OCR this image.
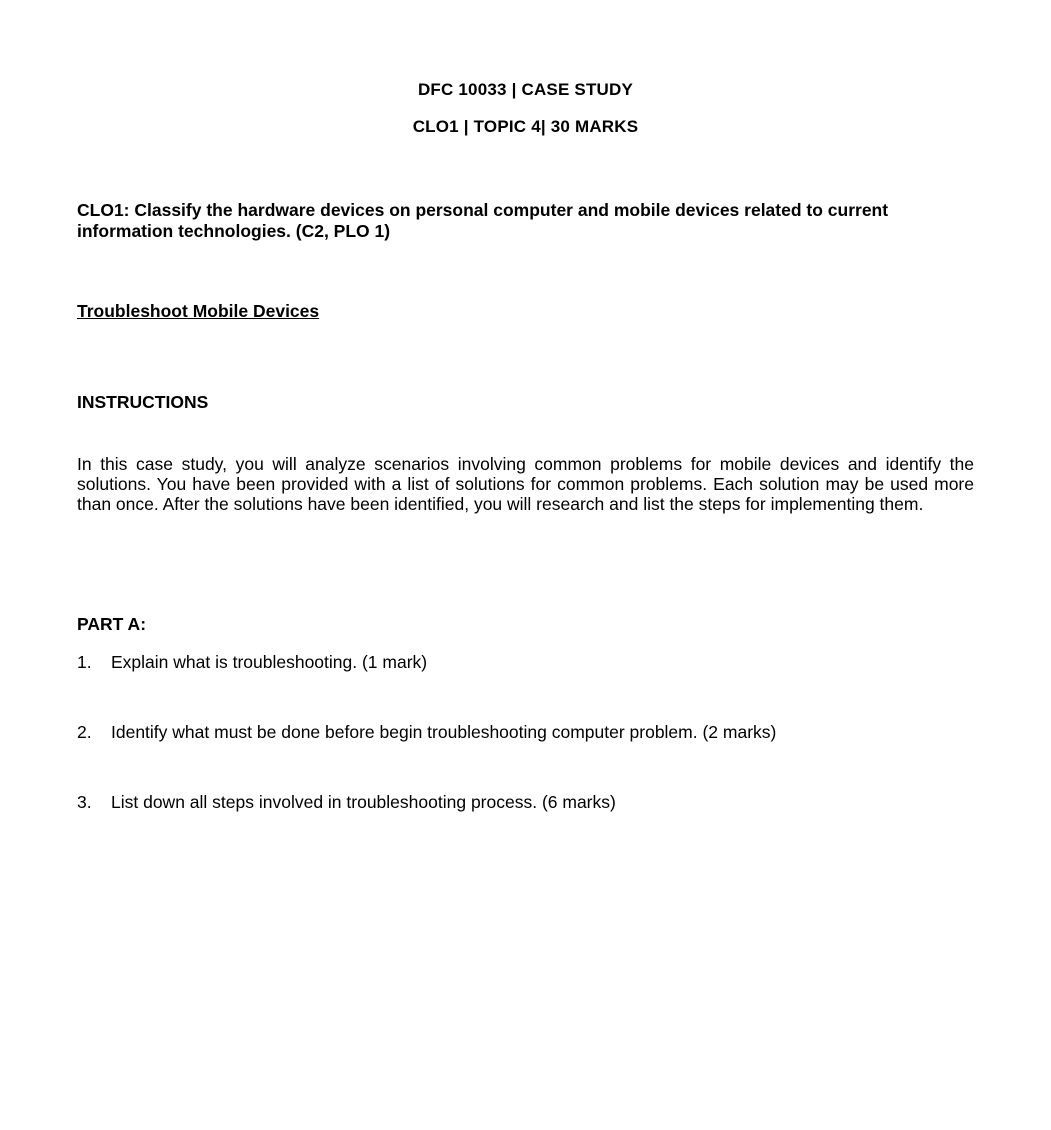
DFC 10033 | CASE STUDY
CLO1 | TOPIC 4| 30 MARKS
CLO1: Classify the hardware devices on personal computer and mobile devices related to current information technologies. (C2, PLO 1)
Troubleshoot Mobile Devices
INSTRUCTIONS
In this case study, you will analyze scenarios involving common problems for mobile devices and identify the solutions. You have been provided with a list of solutions for common problems. Each solution may be used more than once. After the solutions have been identified, you will research and list the steps for implementing them.
PART A:
1.	Explain what is troubleshooting. (1 mark)
2.	Identify what must be done before begin troubleshooting computer problem. (2 marks)
3.	List down all steps involved in troubleshooting process. (6 marks)
